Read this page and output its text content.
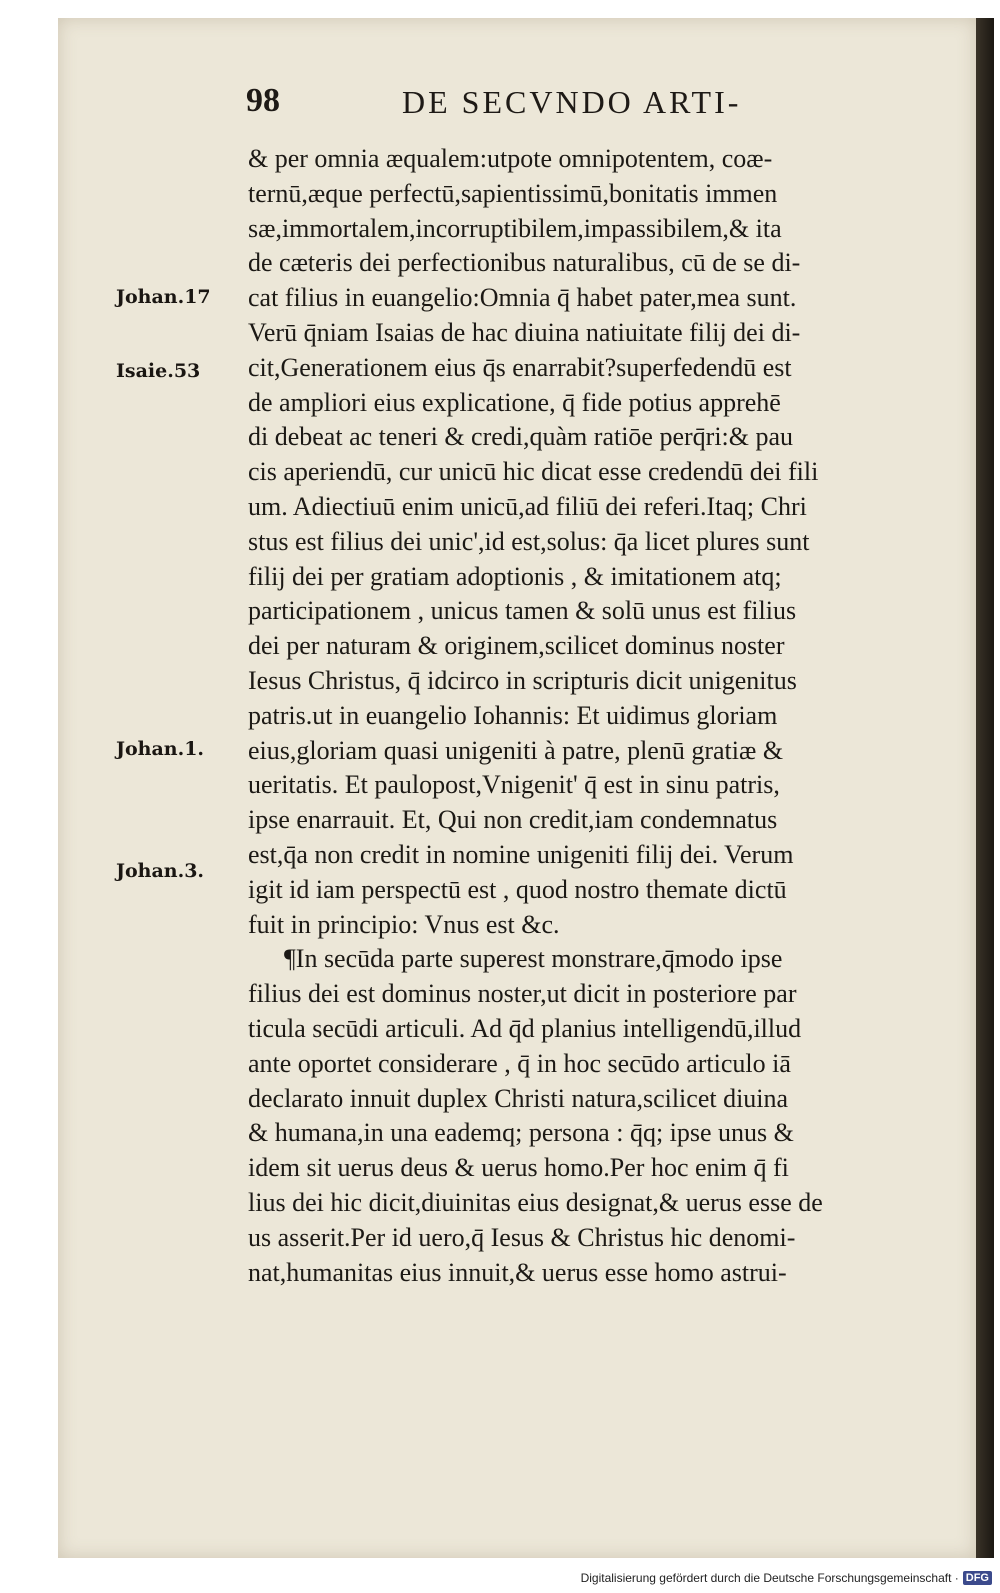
98	DE SECVNDO ARTI-
Johan.17
Isaie.53
Johan.1.
Johan.3.
& per omnia æqualem:utpote omnipotentem, coæ-
ternū,æque perfectū,sapientissimū,bonitatis immen
sæ,immortalem,incorruptibilem,impassibilem,& ita
de cæteris dei perfectionibus naturalibus, cū de se di-
cat filius in euangelio:Omnia q̄ habet pater,mea sunt.
Verū q̄niam Isaias de hac diuina natiuitate filij dei di-
cit,Generationem eius q̄s enarrabit?superfedendū est
de ampliori eius explicatione, q̄ fide potius apprehē
di debeat ac teneri & credi,quàm ratiōe perq̄ri:& pau
cis aperiendū, cur unicū hic dicat esse credendū dei fili
um. Adiectiuū enim unicū,ad filiū dei referi.Itaq; Chri
stus est filius dei unic',id est,solus: q̄a licet plures sunt
filij dei per gratiam adoptionis , & imitationem atq;
participationem , unicus tamen & solū unus est filius
dei per naturam & originem,scilicet dominus noster
Iesus Christus, q̄ idcirco in scripturis dicit unigenitus
patris.ut in euangelio Iohannis: Et uidimus gloriam
eius,gloriam quasi unigeniti à patre, plenū gratiæ &
ueritatis. Et paulopost,Vnigenit' q̄ est in sinu patris,
ipse enarrauit. Et, Qui non credit,iam condemnatus
est,q̄a non credit in nomine unigeniti filij dei. Verum
igit id iam perspectū est , quod nostro themate dictū
fuit in principio: Vnus est &c.
¶In secūda parte superest monstrare,q̄modo ipse
filius dei est dominus noster,ut dicit in posteriore par
ticula secūdi articuli. Ad q̄d planius intelligendū,illud
ante oportet considerare , q̄ in hoc secūdo articulo iā
declarato innuit duplex Christi natura,scilicet diuina
& humana,in una eademq; persona : q̄q; ipse unus &
idem sit uerus deus & uerus homo.Per hoc enim q̄ fi
lius dei hic dicit,diuinitas eius designat,& uerus esse de
us asserit.Per id uero,q̄ Iesus & Christus hic denomi-
nat,humanitas eius innuit,& uerus esse homo astrui-
Digitalisierung gefördert durch die Deutsche Forschungsgemeinschaft · DFG
